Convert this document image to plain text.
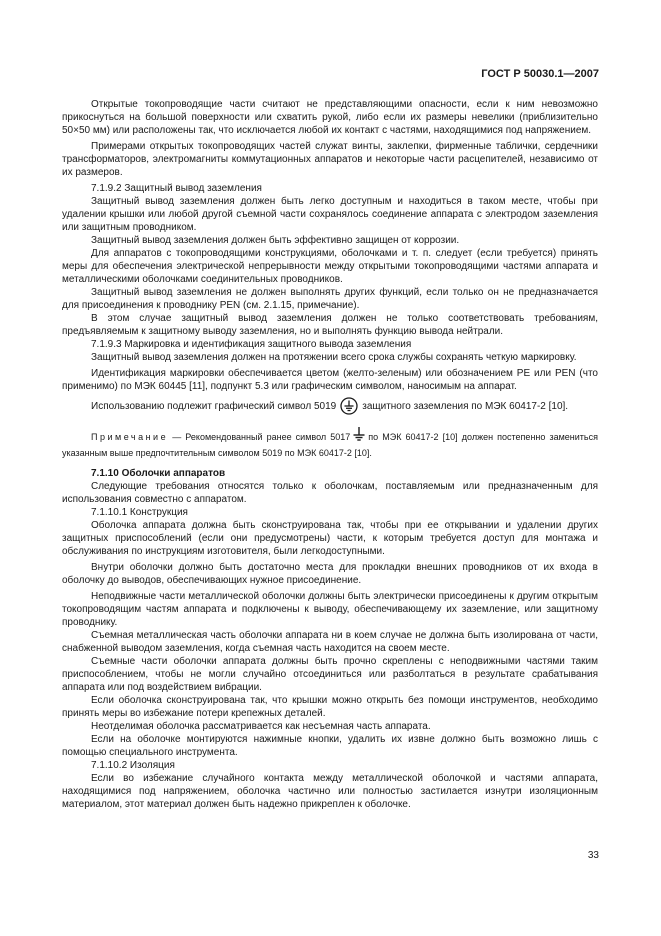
ГОСТ Р 50030.1—2007

Открытые токопроводящие части считают не представляющими опасности, если к ним невозможно прикоснуться на большой поверхности или схватить рукой, либо если их размеры невелики (приблизительно 50×50 мм) или расположены так, что исключается любой их контакт с частями, находящимися под напряжением.

Примерами открытых токопроводящих частей служат винты, заклепки, фирменные таблички, сердечники трансформаторов, электромагниты коммутационных аппаратов и некоторые части расцепителей, независимо от их размеров.

7.1.9.2 Защитный вывод заземления

Защитный вывод заземления должен быть легко доступным и находиться в таком месте, чтобы при удалении крышки или любой другой съемной части сохранялось соединение аппарата с электродом заземления или защитным проводником.

Защитный вывод заземления должен быть эффективно защищен от коррозии.

Для аппаратов с токопроводящими конструкциями, оболочками и т. п. следует (если требуется) принять меры для обеспечения электрической непрерывности между открытыми токопроводящими частями аппарата и металлическими оболочками соединительных проводников.

Защитный вывод заземления не должен выполнять других функций, если только он не предназначается для присоединения к проводнику PEN (см. 2.1.15, примечание).

В этом случае защитный вывод заземления должен не только соответствовать требованиям, предъявляемым к защитному выводу заземления, но и выполнять функцию вывода нейтрали.

7.1.9.3 Маркировка и идентификация защитного вывода заземления

Защитный вывод заземления должен на протяжении всего срока службы сохранять четкую маркировку.

Идентификация маркировки обеспечивается цветом (желто-зеленым) или обозначением PE или PEN (что применимо) по МЭК 60445 [11], подпункт 5.3 или графическим символом, наносимым на аппарат.

Использованию подлежит графический символ 5019	защитного заземления по МЭК 60417-2 [10].

Примечание — Рекомендованный ранее символ 5017 по МЭК 60417-2 [10] должен постепенно замениться указанным выше предпочтительным символом 5019 по МЭК 60417-2 [10].

7.1.10 Оболочки аппаратов

Следующие требования относятся только к оболочкам, поставляемым или предназначенным для использования совместно с аппаратом.

7.1.10.1 Конструкция

Оболочка аппарата должна быть сконструирована так, чтобы при ее открывании и удалении других защитных приспособлений (если они предусмотрены) части, к которым требуется доступ для монтажа и обслуживания по инструкциям изготовителя, были легкодоступными.

Внутри оболочки должно быть достаточно места для прокладки внешних проводников от их входа в оболочку до выводов, обеспечивающих нужное присоединение.

Неподвижные части металлической оболочки должны быть электрически присоединены к другим открытым токопроводящим частям аппарата и подключены к выводу, обеспечивающему их заземление, или защитному проводнику.

Съемная металлическая часть оболочки аппарата ни в коем случае не должна быть изолирована от части, снабженной выводом заземления, когда съемная часть находится на своем месте.

Съемные части оболочки аппарата должны быть прочно скреплены с неподвижными частями таким приспособлением, чтобы не могли случайно отсоединиться или разболтаться в результате срабатывания аппарата или под воздействием вибрации.

Если оболочка сконструирована так, что крышки можно открыть без помощи инструментов, необходимо принять меры во избежание потери крепежных деталей.

Неотделимая оболочка рассматривается как несъемная часть аппарата.

Если на оболочке монтируются нажимные кнопки, удалить их извне должно быть возможно лишь с помощью специального инструмента.

7.1.10.2 Изоляция

Если во избежание случайного контакта между металлической оболочкой и частями аппарата, находящимися под напряжением, оболочка частично или полностью застилается изнутри изоляционным материалом, этот материал должен быть надежно прикреплен к оболочке.

33
